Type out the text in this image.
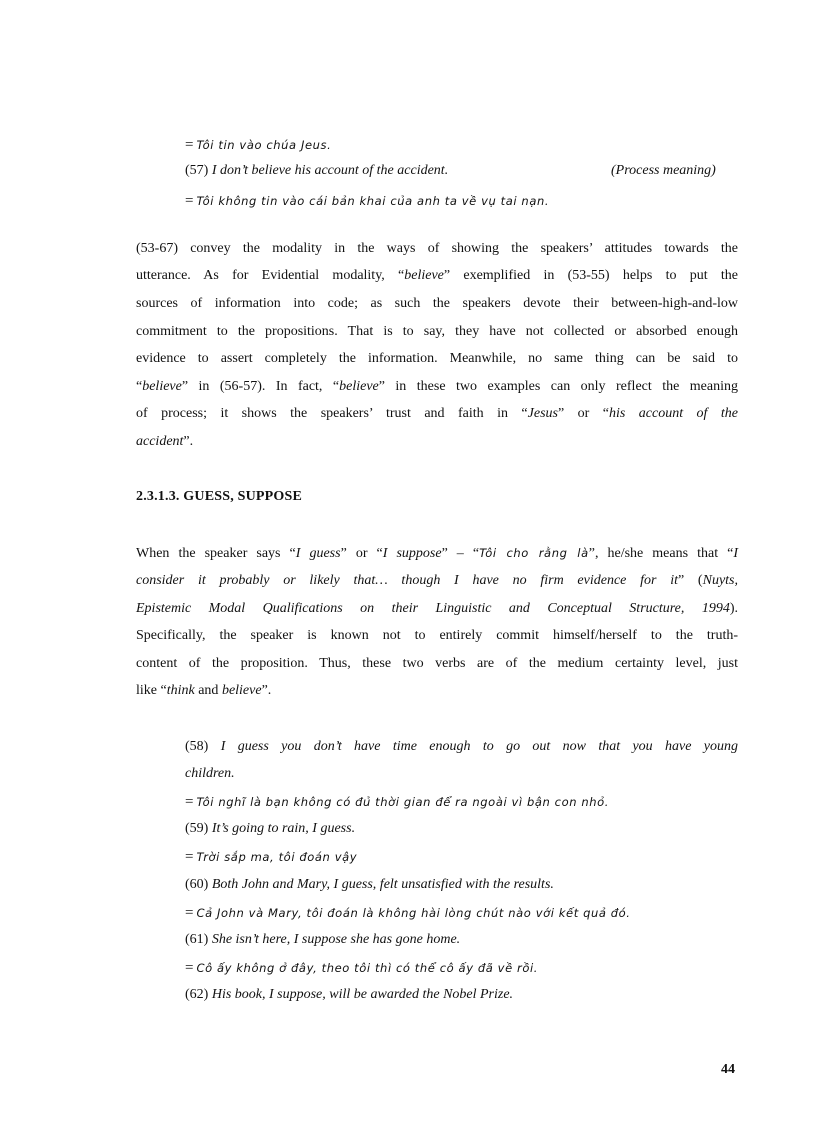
= Tôi tin vào chúa Jeus.
(57) I don’t believe his account of the accident.	(Process meaning)
= Tôi không tin vào cái bản khai của anh ta về vụ tai nạn.
(53-67) convey the modality in the ways of showing the speakers’ attitudes towards the
utterance. As for Evidential modality, “believe” exemplified in (53-55) helps to put the
sources of information into code; as such the speakers devote their between-high-and-low
commitment to the propositions. That is to say, they have not collected or absorbed enough
evidence to assert completely the information. Meanwhile, no same thing can be said to
“believe” in (56-57). In fact, “believe” in these two examples can only reflect the meaning
of process; it shows the speakers’ trust and faith in “Jesus” or “his account of the
accident”.
2.3.1.3. GUESS, SUPPOSE
When the speaker says “I guess” or “I suppose” – “Tôi cho rằng là”, he/she means that “I
consider it probably or likely that… though I have no firm evidence for it” (Nuyts,
Epistemic Modal Qualifications on their Linguistic and Conceptual Structure, 1994).
Specifically, the speaker is known not to entirely commit himself/herself to the truth-
content of the proposition. Thus, these two verbs are of the medium certainty level, just
like “think and believe”.
(58) I guess you don’t have time enough to go out now that you have young
children.
= Tôi nghĩ là bạn không có đủ thời gian để ra ngoài vì bận con nhỏ.
(59) It’s going to rain, I guess.
= Trời sắp ma, tôi đoán vậy
(60) Both John and Mary, I guess, felt unsatisfied with the results.
= Cả John và Mary, tôi đoán là không hài lòng chút nào với kết quả đó.
(61) She isn’t here, I suppose she has gone home.
= Cô ấy không ở đây, theo tôi thì có thể cô ấy đã về rồi.
(62) His book, I suppose, will be awarded the Nobel Prize.
44
